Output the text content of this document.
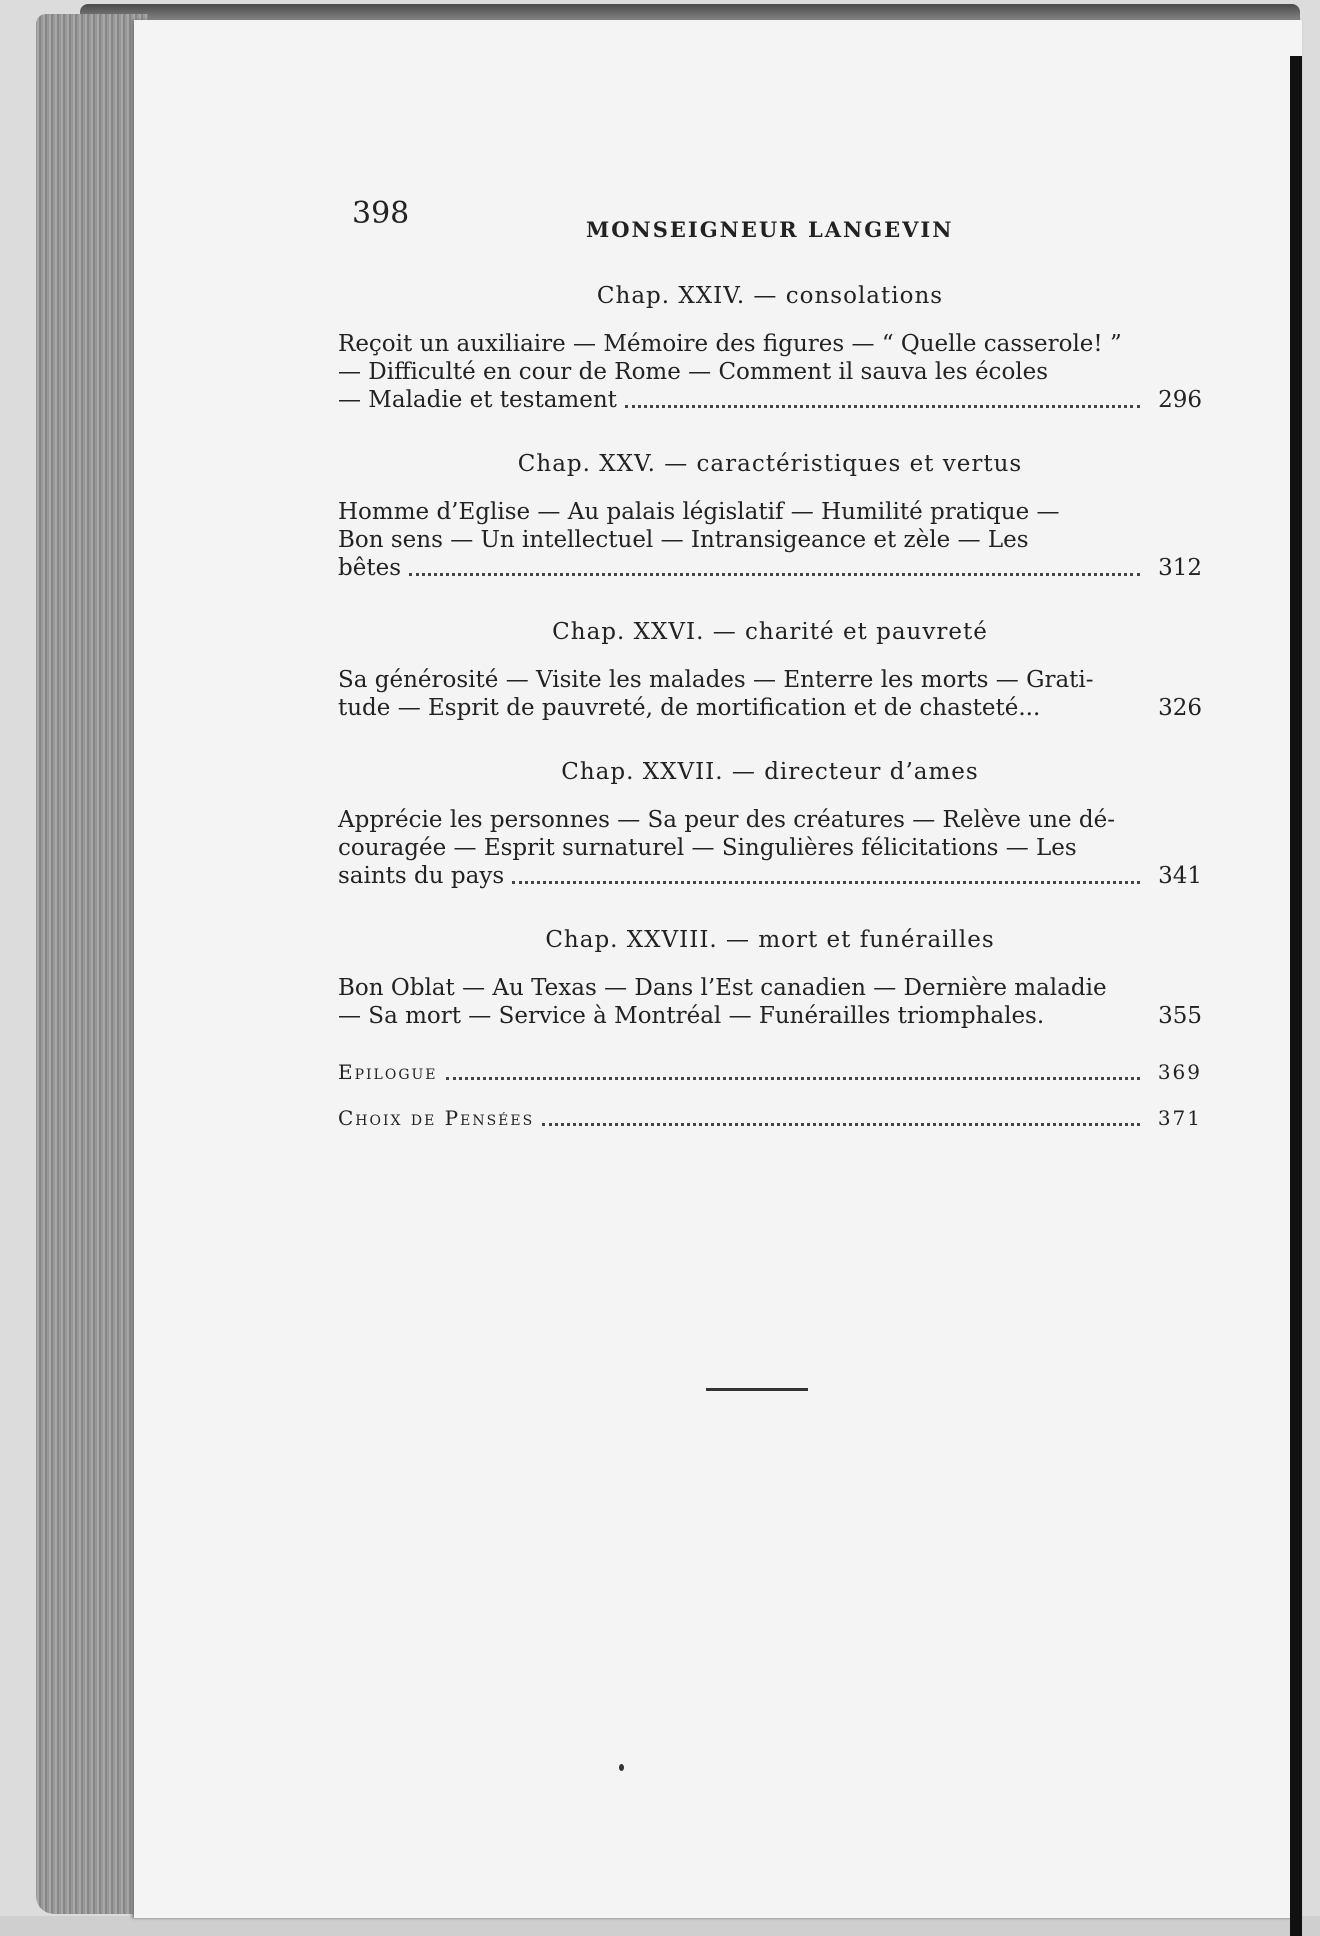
398	MONSEIGNEUR LANGEVIN
Chap. XXIV. — consolations
Reçoit un auxiliaire — Mémoire des figures — “ Quelle casserole! ”
— Difficulté en cour de Rome — Comment il sauva les écoles
— Maladie et testament	296
Chap. XXV. — caractéristiques et vertus
Homme d’Eglise — Au palais législatif — Humilité pratique —
Bon sens — Un intellectuel — Intransigeance et zèle — Les
bêtes	312
Chap. XXVI. — charité et pauvreté
Sa générosité — Visite les malades — Enterre les morts — Grati-
tude — Esprit de pauvreté, de mortification et de chasteté...	326
Chap. XXVII. — directeur d’ames
Apprécie les personnes — Sa peur des créatures — Relève une dé-
couragée — Esprit surnaturel — Singulières félicitations — Les
saints du pays	341
Chap. XXVIII. — mort et funérailles
Bon Oblat — Au Texas — Dans l’Est canadien — Dernière maladie
— Sa mort — Service à Montréal — Funérailles triomphales.	355
Epilogue	369
Choix de Pensées	371
